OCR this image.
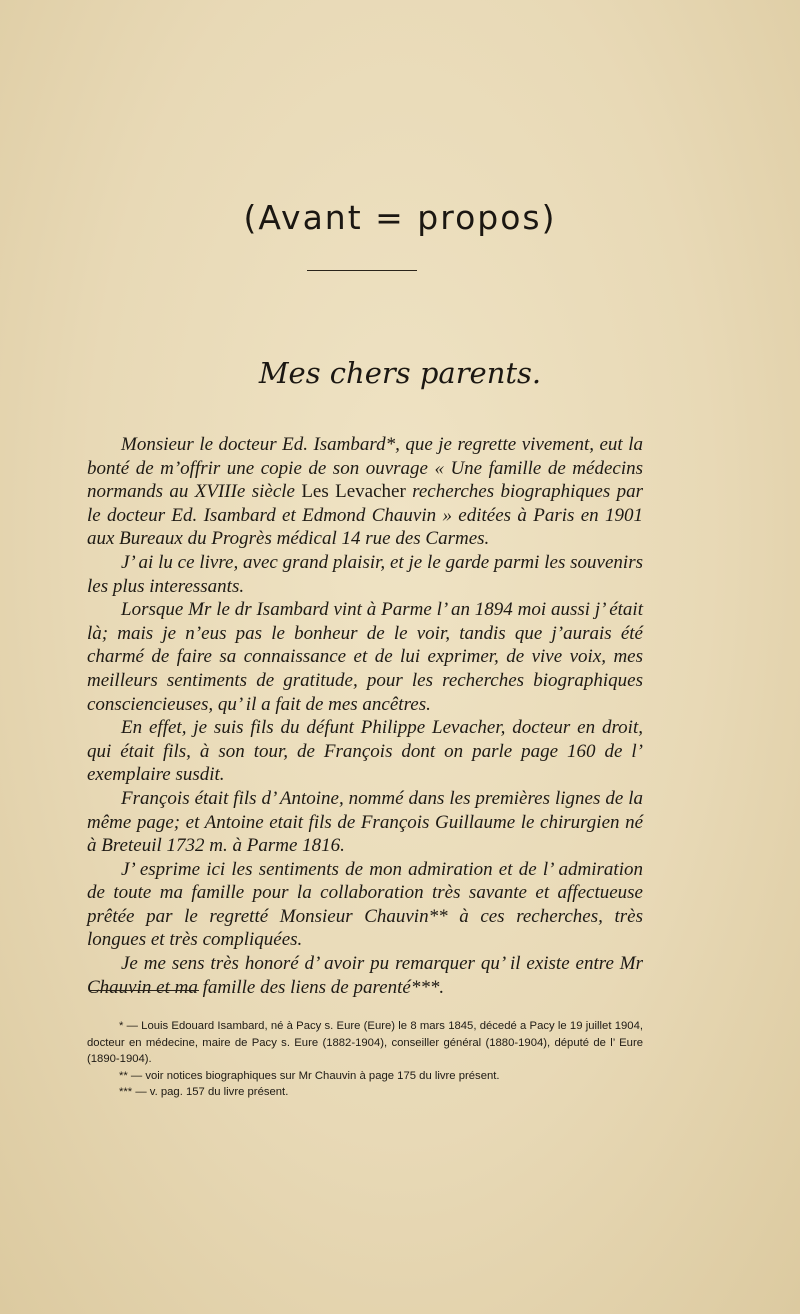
(Avant = propos)
Mes chers parents.

Monsieur le docteur Ed. Isambard*, que je regrette vivement, eut la bonté de m’offrir une copie de son ouvrage « Une famille de médecins normands au XVIIIe siècle Les Levacher recherches biographiques par le docteur Ed. Isambard et Edmond Chauvin » editées à Paris en 1901 aux Bureaux du Progrès médical 14 rue des Carmes.

J’ ai lu ce livre, avec grand plaisir, et je le garde parmi les souvenirs les plus interessants.

Lorsque Mr le dr Isambard vint à Parme l’ an 1894 moi aussi j’ était là; mais je n’eus pas le bonheur de le voir, tandis que j’aurais été charmé de faire sa connaissance et de lui exprimer, de vive voix, mes meilleurs sentiments de gratitude, pour les recherches biographiques consciencieuses, qu’ il a fait de mes ancêtres.

En effet, je suis fils du défunt Philippe Levacher, docteur en droit, qui était fils, à son tour, de François dont on parle page 160 de l’ exemplaire susdit.

François était fils d’ Antoine, nommé dans les premières lignes de la même page; et Antoine etait fils de François Guillaume le chirurgien né à Breteuil 1732 m. à Parme 1816.

J’ esprime ici les sentiments de mon admiration et de l’ admiration de toute ma famille pour la collaboration très savante et affectueuse prêtée par le regretté Monsieur Chauvin** à ces recherches, très longues et très compliquées.

Je me sens très honoré d’ avoir pu remarquer qu’ il existe entre Mr Chauvin et ma famille des liens de parenté***.

* — Louis Edouard Isambard, né à Pacy s. Eure (Eure) le 8 mars 1845, décedé a Pacy le 19 juillet 1904, docteur en médecine, maire de Pacy s. Eure (1882-1904), conseiller général (1880-1904), député de l’ Eure (1890-1904).

** — voir notices biographiques sur Mr Chauvin à page 175 du livre présent.

*** — v. pag. 157 du livre présent.
